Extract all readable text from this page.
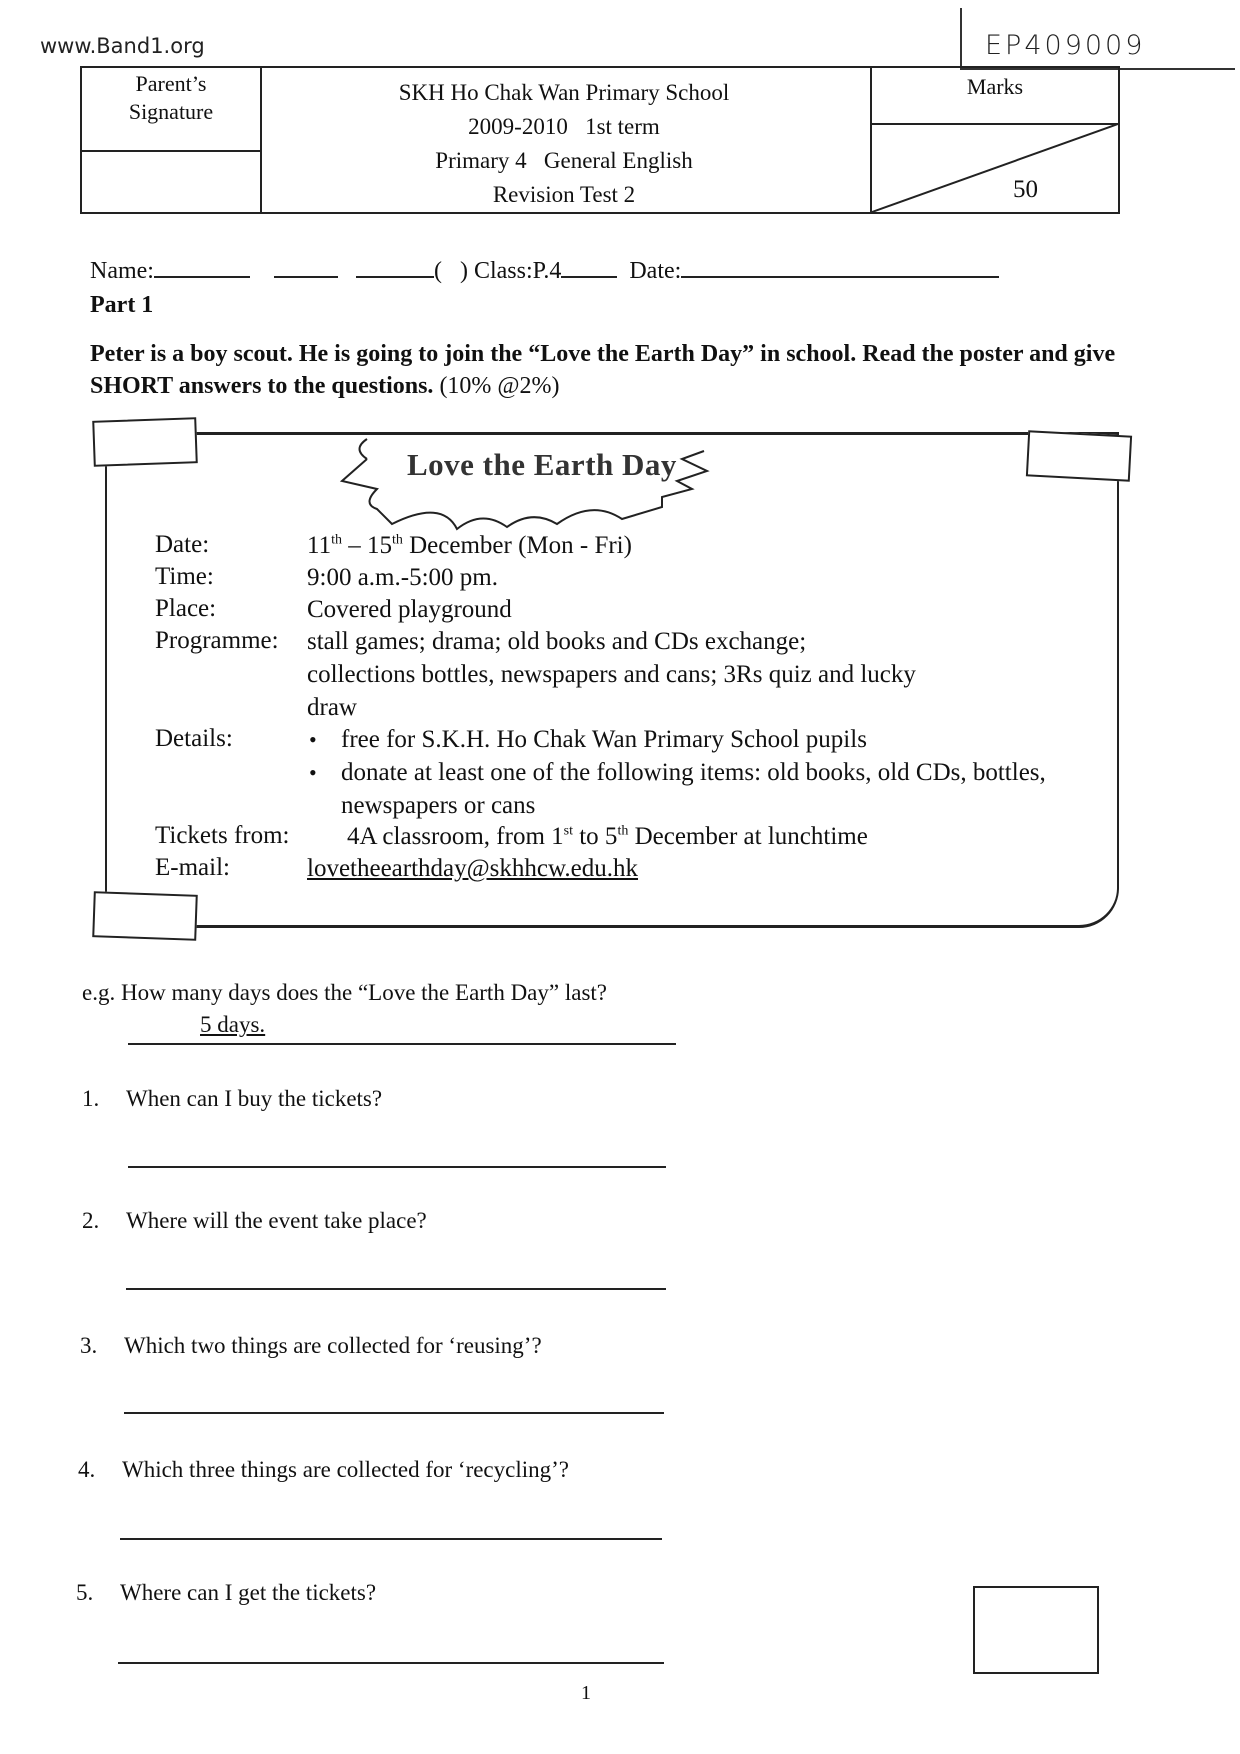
www.Band1.org	EP409009
Parent’s
Signature
SKH Ho Chak Wan Primary School
2009-2010   1st term
Primary 4   General English
Revision Test 2
Marks
50
Name:	(   ) Class:P.4	Date:
Part 1
Peter is a boy scout. He is going to join the “Love the Earth Day” in school. Read the poster and give SHORT answers to the questions. (10% @2%)
Love the Earth Day
Date:	11th – 15th December (Mon - Fri)
Time:	9:00 a.m.-5:00 pm.
Place:	Covered playground
Programme: stall games; drama; old books and CDs exchange;
collections bottles, newspapers and cans; 3Rs quiz and lucky
draw
Details:	• free for S.K.H. Ho Chak Wan Primary School pupils
• donate at least one of the following items: old books, old CDs, bottles, newspapers or cans
Tickets from: 4A classroom, from 1st to 5th December at lunchtime
E-mail:	lovetheearthday@skhhcw.edu.hk
e.g. How many days does the “Love the Earth Day” last?
5 days.
1. When can I buy the tickets?
2. Where will the event take place?
3. Which two things are collected for ‘reusing’?
4. Which three things are collected for ‘recycling’?
5. Where can I get the tickets?
1
